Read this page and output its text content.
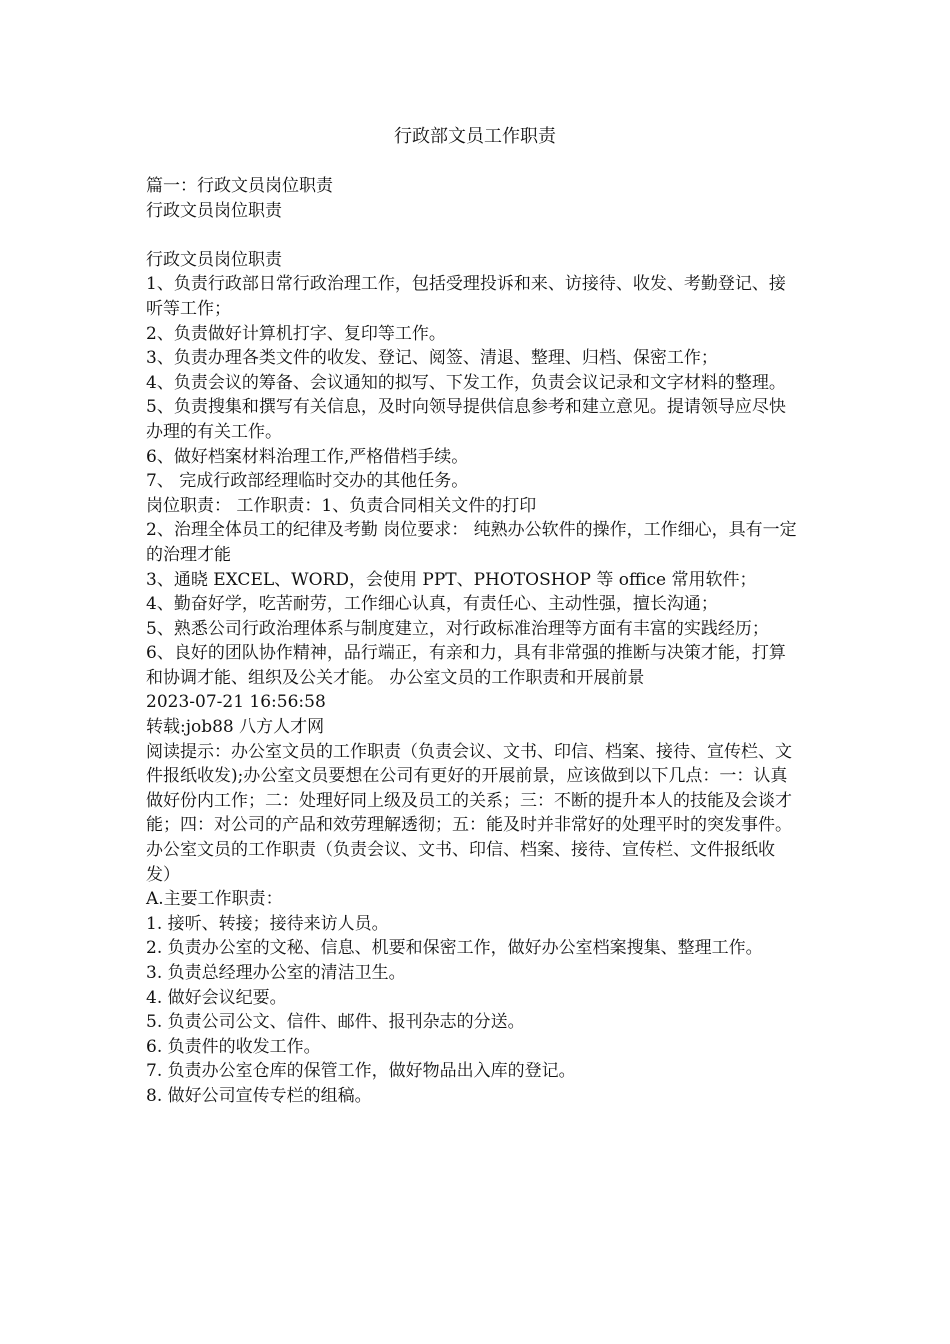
行政部文员工作职责

篇一：行政文员岗位职责

行政文员岗位职责

行政文员岗位职责

1、负责行政部日常行政治理工作，包括受理投诉和来、访接待、收发、考勤登记、接听等工作；

2、负责做好计算机打字、复印等工作。

3、负责办理各类文件的收发、登记、阅签、清退、整理、归档、保密工作；

4、负责会议的筹备、会议通知的拟写、下发工作，负责会议记录和文字材料的整理。

5、负责搜集和撰写有关信息，及时向领导提供信息参考和建立意见。提请领导应尽快办理的有关工作。

6、做好档案材料治理工作,严格借档手续。

7、 完成行政部经理临时交办的其他任务。

岗位职责： 工作职责：1、负责合同相关文件的打印

2、治理全体员工的纪律及考勤 岗位要求： 纯熟办公软件的操作，工作细心，具有一定的治理才能

3、通晓 EXCEL、WORD，会使用 PPT、PHOTOSHOP 等 office 常用软件；

4、勤奋好学，吃苦耐劳，工作细心认真，有责任心、主动性强，擅长沟通；

5、熟悉公司行政治理体系与制度建立，对行政标准治理等方面有丰富的实践经历； 6、良好的团队协作精神，品行端正，有亲和力，具有非常强的推断与决策才能，打算和协调才能、组织及公关才能。 办公室文员的工作职责和开展前景

2023-07-21 16:56:58

转载:job88 八方人才网

阅读提示：办公室文员的工作职责（负责会议、文书、印信、档案、接待、宣传栏、文件报纸收发);办公室文员要想在公司有更好的开展前景，应该做到以下几点：一：认真做好份内工作；二：处理好同上级及员工的关系；三：不断的提升本人的技能及会谈才能；四：对公司的产品和效劳理解透彻；五：能及时并非常好的处理平时的突发事件。

办公室文员的工作职责（负责会议、文书、印信、档案、接待、宣传栏、文件报纸收发）

A.主要工作职责：

1. 接听、转接；接待来访人员。

2. 负责办公室的文秘、信息、机要和保密工作，做好办公室档案搜集、整理工作。

3. 负责总经理办公室的清洁卫生。

4. 做好会议纪要。

5. 负责公司公文、信件、邮件、报刊杂志的分送。

6. 负责件的收发工作。

7. 负责办公室仓库的保管工作，做好物品出入库的登记。

8. 做好公司宣传专栏的组稿。
